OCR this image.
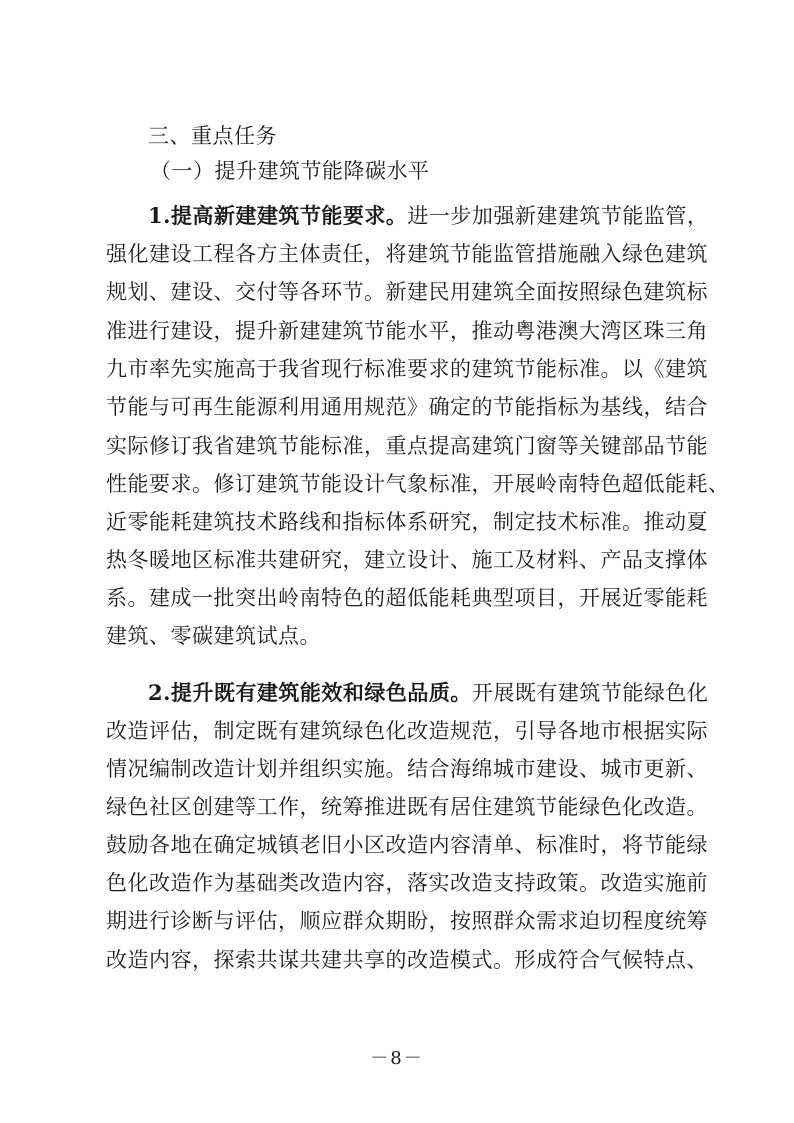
三、重点任务
（一）提升建筑节能降碳水平
1.提高新建建筑节能要求。进一步加强新建建筑节能监管，
强化建设工程各方主体责任，将建筑节能监管措施融入绿色建筑
规划、建设、交付等各环节。新建民用建筑全面按照绿色建筑标
准进行建设，提升新建建筑节能水平，推动粤港澳大湾区珠三角
九市率先实施高于我省现行标准要求的建筑节能标准。以《建筑
节能与可再生能源利用通用规范》确定的节能指标为基线，结合
实际修订我省建筑节能标准，重点提高建筑门窗等关键部品节能
性能要求。修订建筑节能设计气象标准，开展岭南特色超低能耗、
近零能耗建筑技术路线和指标体系研究，制定技术标准。推动夏
热冬暖地区标准共建研究，建立设计、施工及材料、产品支撑体
系。建成一批突出岭南特色的超低能耗典型项目，开展近零能耗
建筑、零碳建筑试点。
2.提升既有建筑能效和绿色品质。开展既有建筑节能绿色化
改造评估，制定既有建筑绿色化改造规范，引导各地市根据实际
情况编制改造计划并组织实施。结合海绵城市建设、城市更新、
绿色社区创建等工作，统筹推进既有居住建筑节能绿色化改造。
鼓励各地在确定城镇老旧小区改造内容清单、标准时，将节能绿
色化改造作为基础类改造内容，落实改造支持政策。改造实施前
期进行诊断与评估，顺应群众期盼，按照群众需求迫切程度统筹
改造内容，探索共谋共建共享的改造模式。形成符合气候特点、
－8－
